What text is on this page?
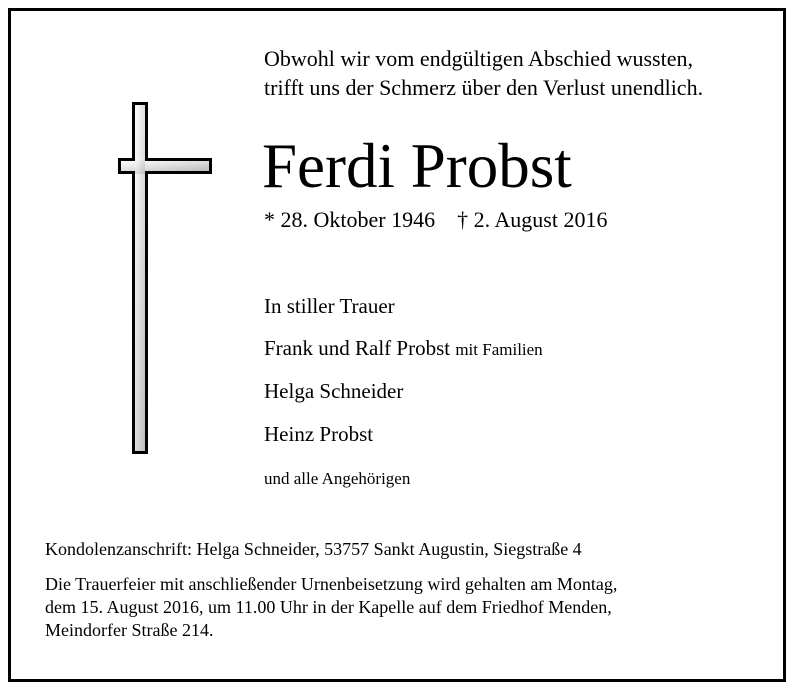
Obwohl wir vom endgültigen Abschied wussten,
trifft uns der Schmerz über den Verlust unendlich.
Ferdi Probst
* 28. Oktober 1946    † 2. August 2016
In stiller Trauer
Frank und Ralf Probst mit Familien
Helga Schneider
Heinz Probst
und alle Angehörigen
Kondolenzanschrift: Helga Schneider, 53757 Sankt Augustin, Siegstraße 4
Die Trauerfeier mit anschließender Urnenbeisetzung wird gehalten am Montag,
dem 15. August 2016, um 11.00 Uhr in der Kapelle auf dem Friedhof Menden,
Meindorfer Straße 214.
